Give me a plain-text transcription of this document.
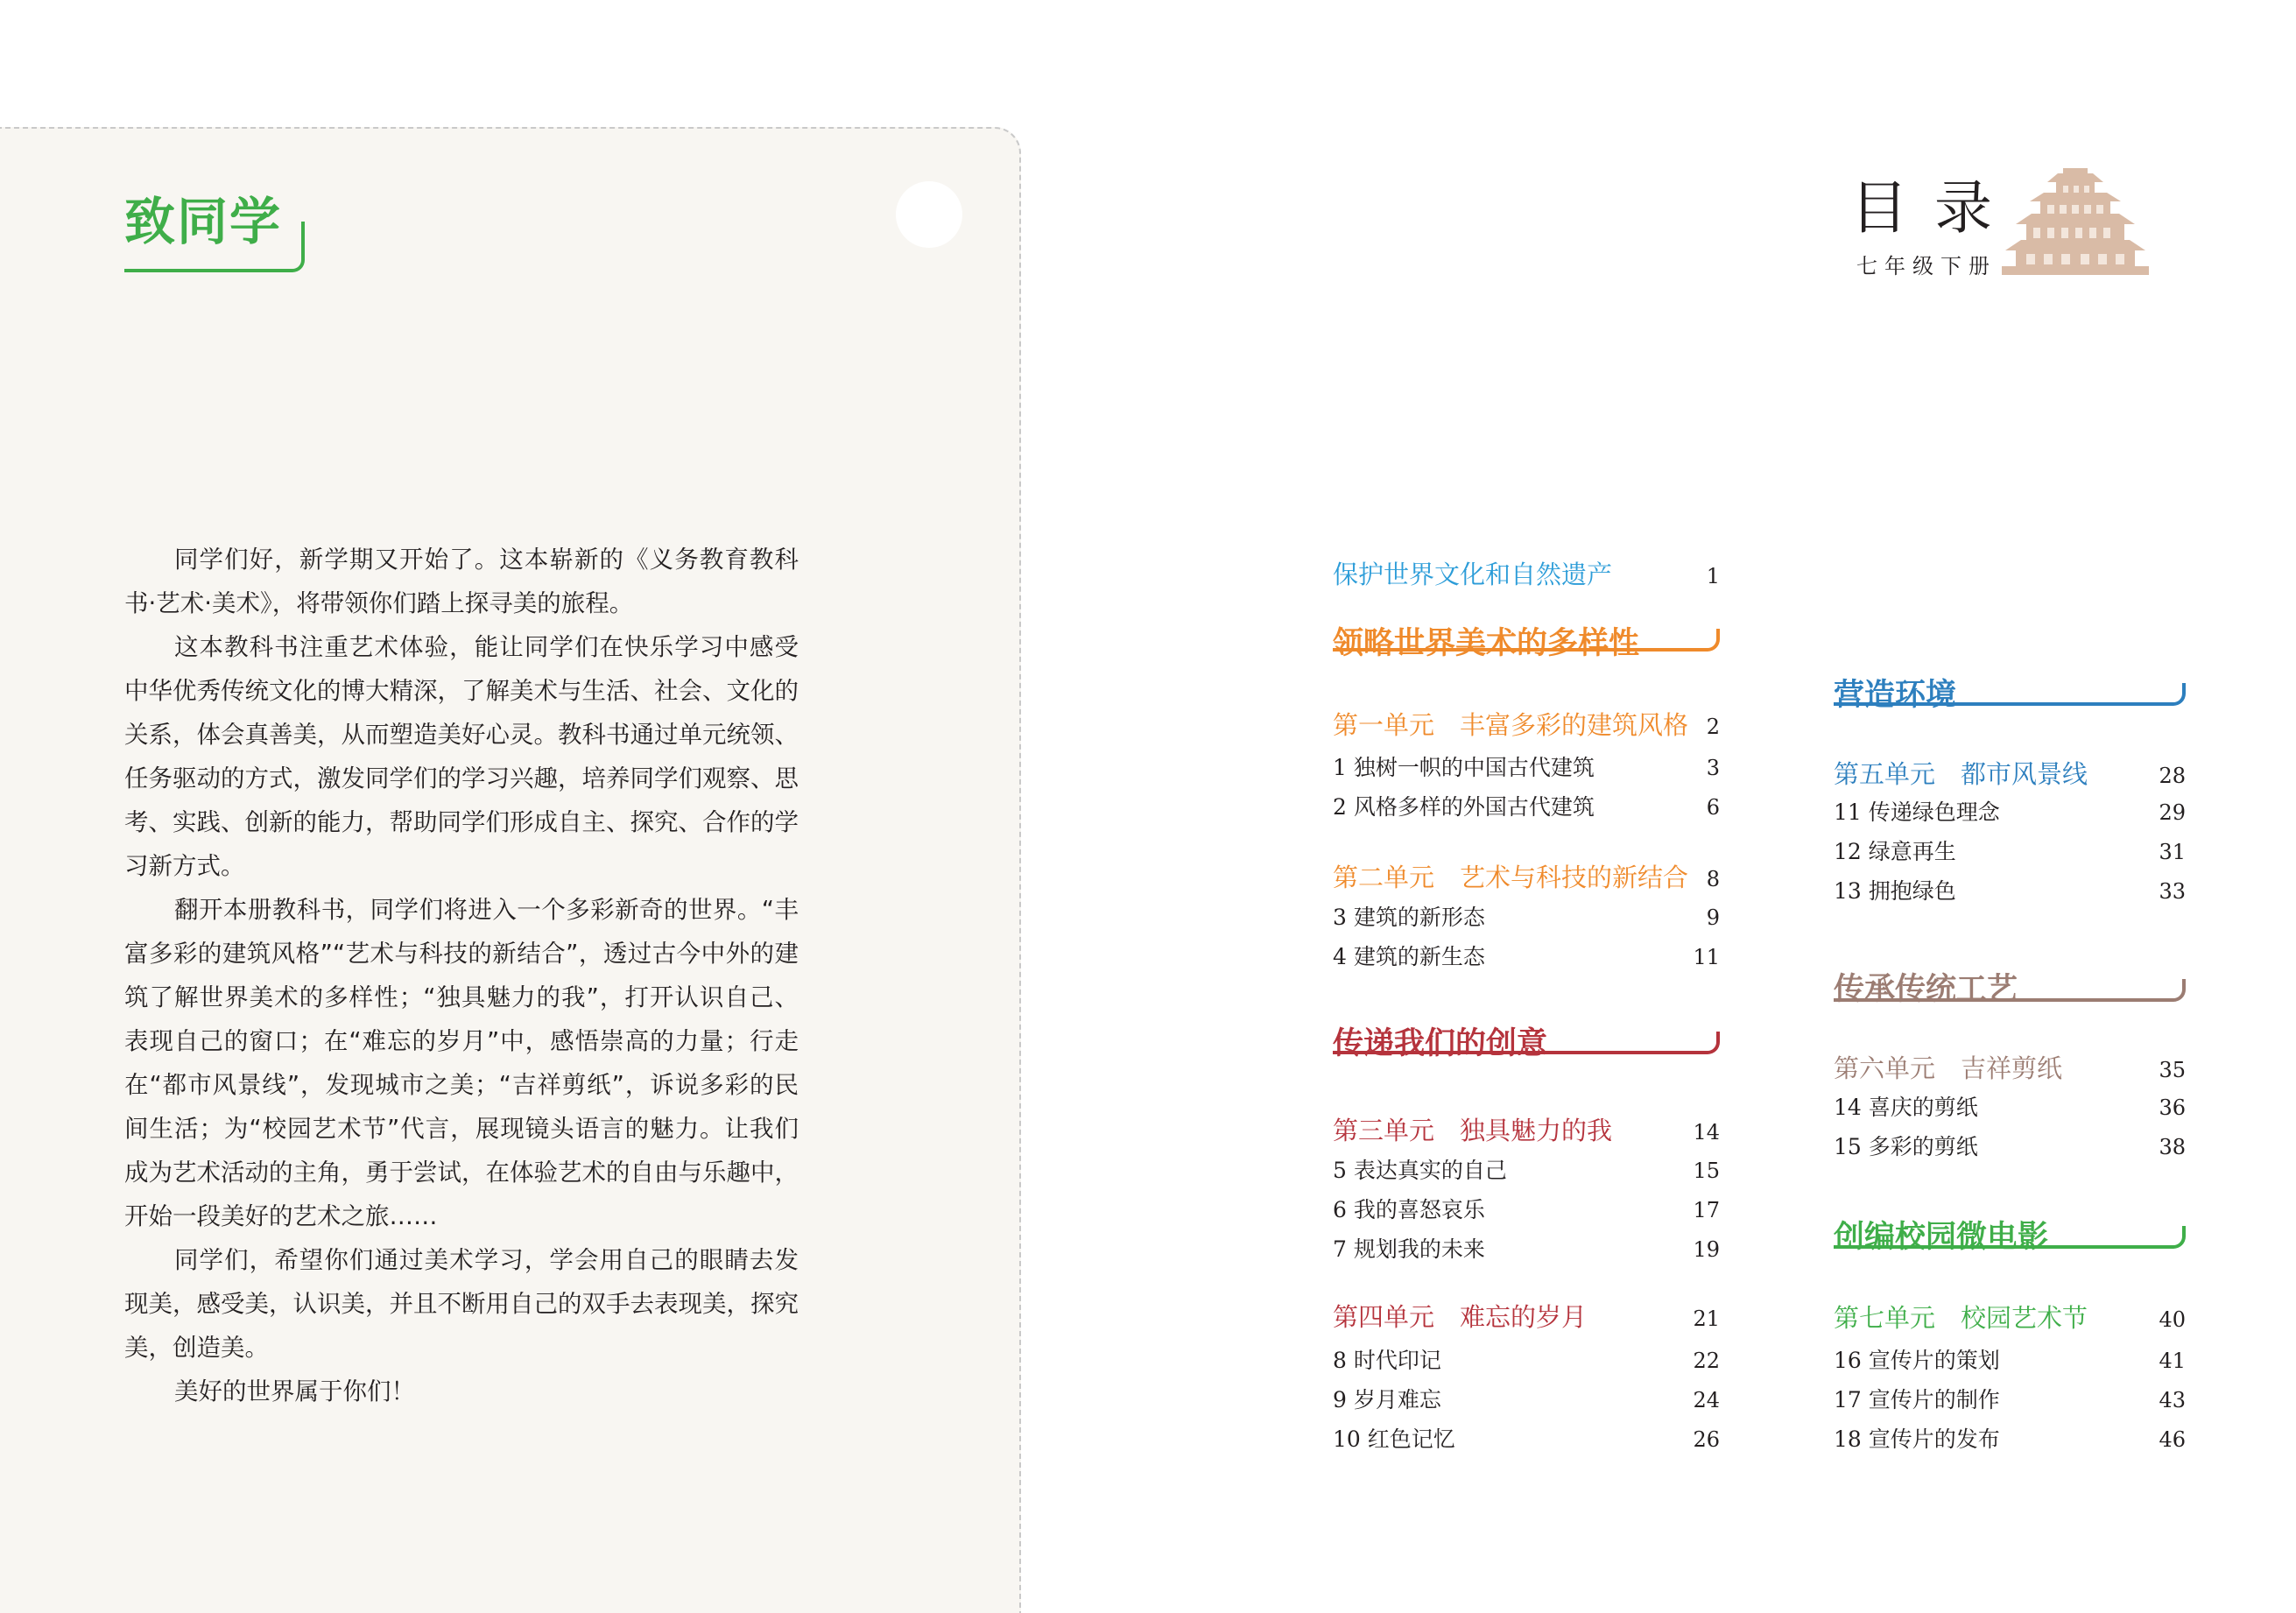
致同学

同学们好，新学期又开始了。这本崭新的《义务教育教科书·艺术·美术》，将带领你们踏上探寻美的旅程。

这本教科书注重艺术体验，能让同学们在快乐学习中感受中华优秀传统文化的博大精深，了解美术与生活、社会、文化的关系，体会真善美，从而塑造美好心灵。教科书通过单元统领、任务驱动的方式，激发同学们的学习兴趣，培养同学们观察、思考、实践、创新的能力，帮助同学们形成自主、探究、合作的学习新方式。

翻开本册教科书，同学们将进入一个多彩新奇的世界。“丰富多彩的建筑风格”“艺术与科技的新结合”，透过古今中外的建筑了解世界美术的多样性；“独具魅力的我”，打开认识自己、表现自己的窗口；在“难忘的岁月”中，感悟崇高的力量；行走在“都市风景线”，发现城市之美；“吉祥剪纸”，诉说多彩的民间生活；为“校园艺术节”代言，展现镜头语言的魅力。让我们成为艺术活动的主角，勇于尝试，在体验艺术的自由与乐趣中，开始一段美好的艺术之旅……

同学们，希望你们通过美术学习，学会用自己的眼睛去发现美，感受美，认识美，并且不断用自己的双手去表现美，探究美，创造美。

美好的世界属于你们！

目录
七年级下册
保护世界文化和自然遗产	1
领略世界美术的多样性
第一单元　丰富多彩的建筑风格 2
1 独树一帜的中国古代建筑	3
2 风格多样的外国古代建筑	6
第二单元　艺术与科技的新结合 8
3 建筑的新形态	9
4 建筑的新生态	11
传递我们的创意
第三单元　独具魅力的我	14
5 表达真实的自己	15
6 我的喜怒哀乐	17
7 规划我的未来	19
第四单元　难忘的岁月	21
8 时代印记	22
9 岁月难忘	24
10 红色记忆	26
营造环境
第五单元　都市风景线	28
11 传递绿色理念	29
12 绿意再生	31
13 拥抱绿色	33
传承传统工艺
第六单元　吉祥剪纸	35
14 喜庆的剪纸	36
15 多彩的剪纸	38
创编校园微电影
第七单元　校园艺术节	40
16 宣传片的策划	41
17 宣传片的制作	43
18 宣传片的发布	46
